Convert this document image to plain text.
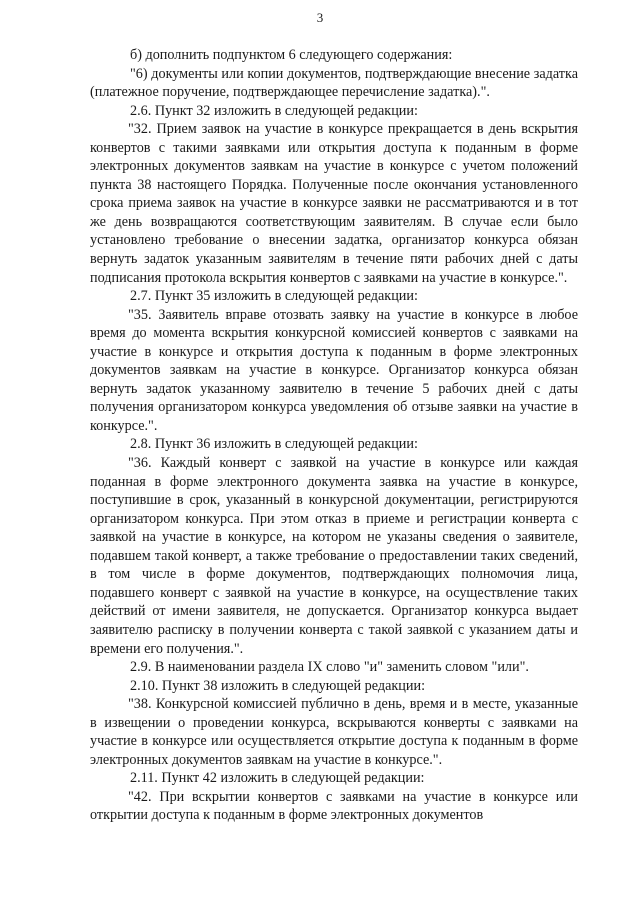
3

б) дополнить подпунктом 6 следующего содержания:

"6) документы или копии документов, подтверждающие внесение задатка (платежное поручение, подтверждающее перечисление задатка).".

2.6. Пункт 32 изложить в следующей редакции:

"32. Прием заявок на участие в конкурсе прекращается в день вскрытия конвертов с такими заявками или открытия доступа к поданным в форме электронных документов заявкам на участие в конкурсе с учетом положений пункта 38 настоящего Порядка. Полученные после окончания установленного срока приема заявок на участие в конкурсе заявки не рассматриваются и в тот же день возвращаются соответствующим заявителям. В случае если было установлено требование о внесении задатка, организатор конкурса обязан вернуть задаток указанным заявителям в течение пяти рабочих дней с даты подписания протокола вскрытия конвертов с заявками на участие в конкурсе.".

2.7. Пункт 35 изложить в следующей редакции:

"35. Заявитель вправе отозвать заявку на участие в конкурсе в любое время до момента вскрытия конкурсной комиссией конвертов с заявками на участие в конкурсе и открытия доступа к поданным в форме электронных документов заявкам на участие в конкурсе. Организатор конкурса обязан вернуть задаток указанному заявителю в течение 5 рабочих дней с даты получения организатором конкурса уведомления об отзыве заявки на участие в конкурсе.".

2.8. Пункт 36 изложить в следующей редакции:

"36. Каждый конверт с заявкой на участие в конкурсе или каждая поданная в форме электронного документа заявка на участие в конкурсе, поступившие в срок, указанный в конкурсной документации, регистрируются организатором конкурса. При этом отказ в приеме и регистрации конверта с заявкой на участие в конкурсе, на котором не указаны сведения о заявителе, подавшем такой конверт, а также требование о предоставлении таких сведений, в том числе в форме документов, подтверждающих полномочия лица, подавшего конверт с заявкой на участие в конкурсе, на осуществление таких действий от имени заявителя, не допускается. Организатор конкурса выдает заявителю расписку в получении конверта с такой заявкой с указанием даты и времени его получения.".

2.9. В наименовании раздела IX слово "и" заменить словом "или".

2.10. Пункт 38 изложить в следующей редакции:

"38. Конкурсной комиссией публично в день, время и в месте, указанные в извещении о проведении конкурса, вскрываются конверты с заявками на участие в конкурсе или осуществляется открытие доступа к поданным в форме электронных документов заявкам на участие в конкурсе.".

2.11. Пункт 42 изложить в следующей редакции:

"42. При вскрытии конвертов с заявками на участие в конкурсе или открытии доступа к поданным в форме электронных документов
